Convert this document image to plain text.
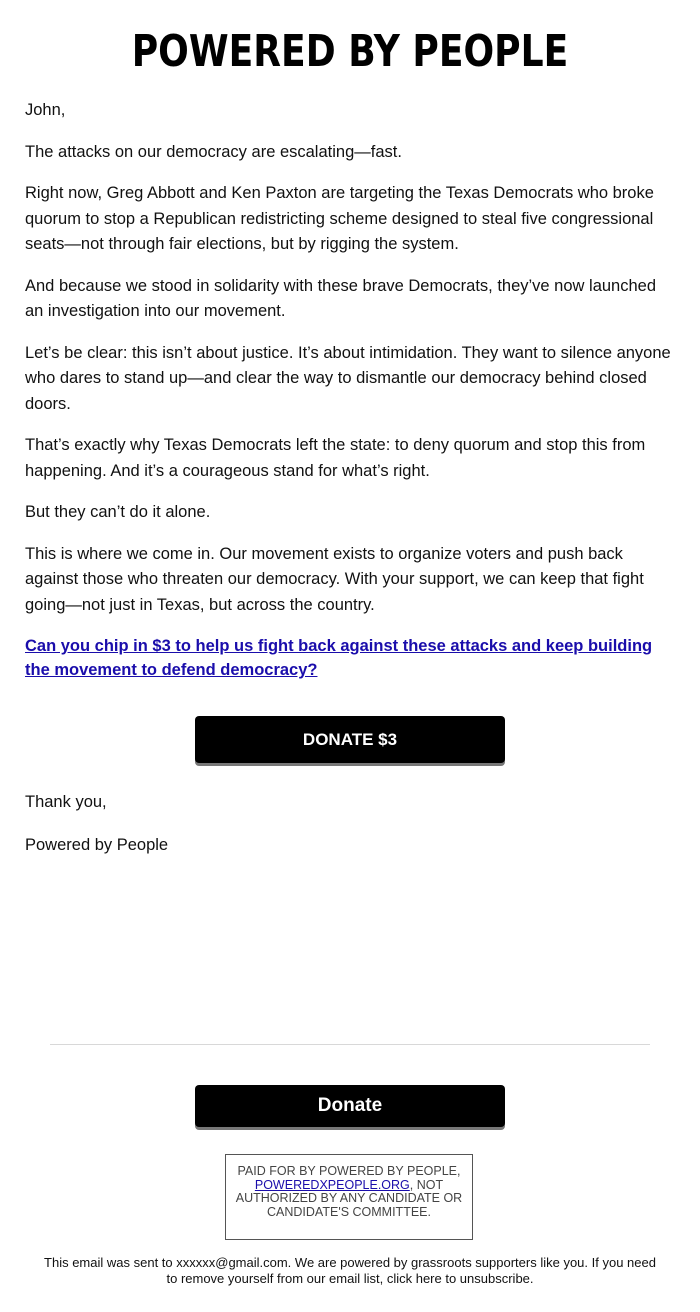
POWERED BY PEOPLE

John,

The attacks on our democracy are escalating—fast.

Right now, Greg Abbott and Ken Paxton are targeting the Texas Democrats who broke quorum to stop a Republican redistricting scheme designed to steal five congressional seats—not through fair elections, but by rigging the system.

And because we stood in solidarity with these brave Democrats, they’ve now launched an investigation into our movement.

Let’s be clear: this isn’t about justice. It’s about intimidation. They want to silence anyone who dares to stand up—and clear the way to dismantle our democracy behind closed doors.

That’s exactly why Texas Democrats left the state: to deny quorum and stop this from happening. And it’s a courageous stand for what’s right.

But they can’t do it alone.

This is where we come in. Our movement exists to organize voters and push back against those who threaten our democracy. With your support, we can keep that fight going—not just in Texas, but across the country.

Can you chip in $3 to help us fight back against these attacks and keep building the movement to defend democracy?
DONATE $3

Thank you,

Powered by People

Donate
PAID FOR BY POWERED BY PEOPLE, POWEREDXPEOPLE.ORG, NOT AUTHORIZED BY ANY CANDIDATE OR CANDIDATE'S COMMITTEE.

This email was sent to xxxxxx@gmail.com. We are powered by grassroots supporters like you. If you need to remove yourself from our email list, click here to unsubscribe.
